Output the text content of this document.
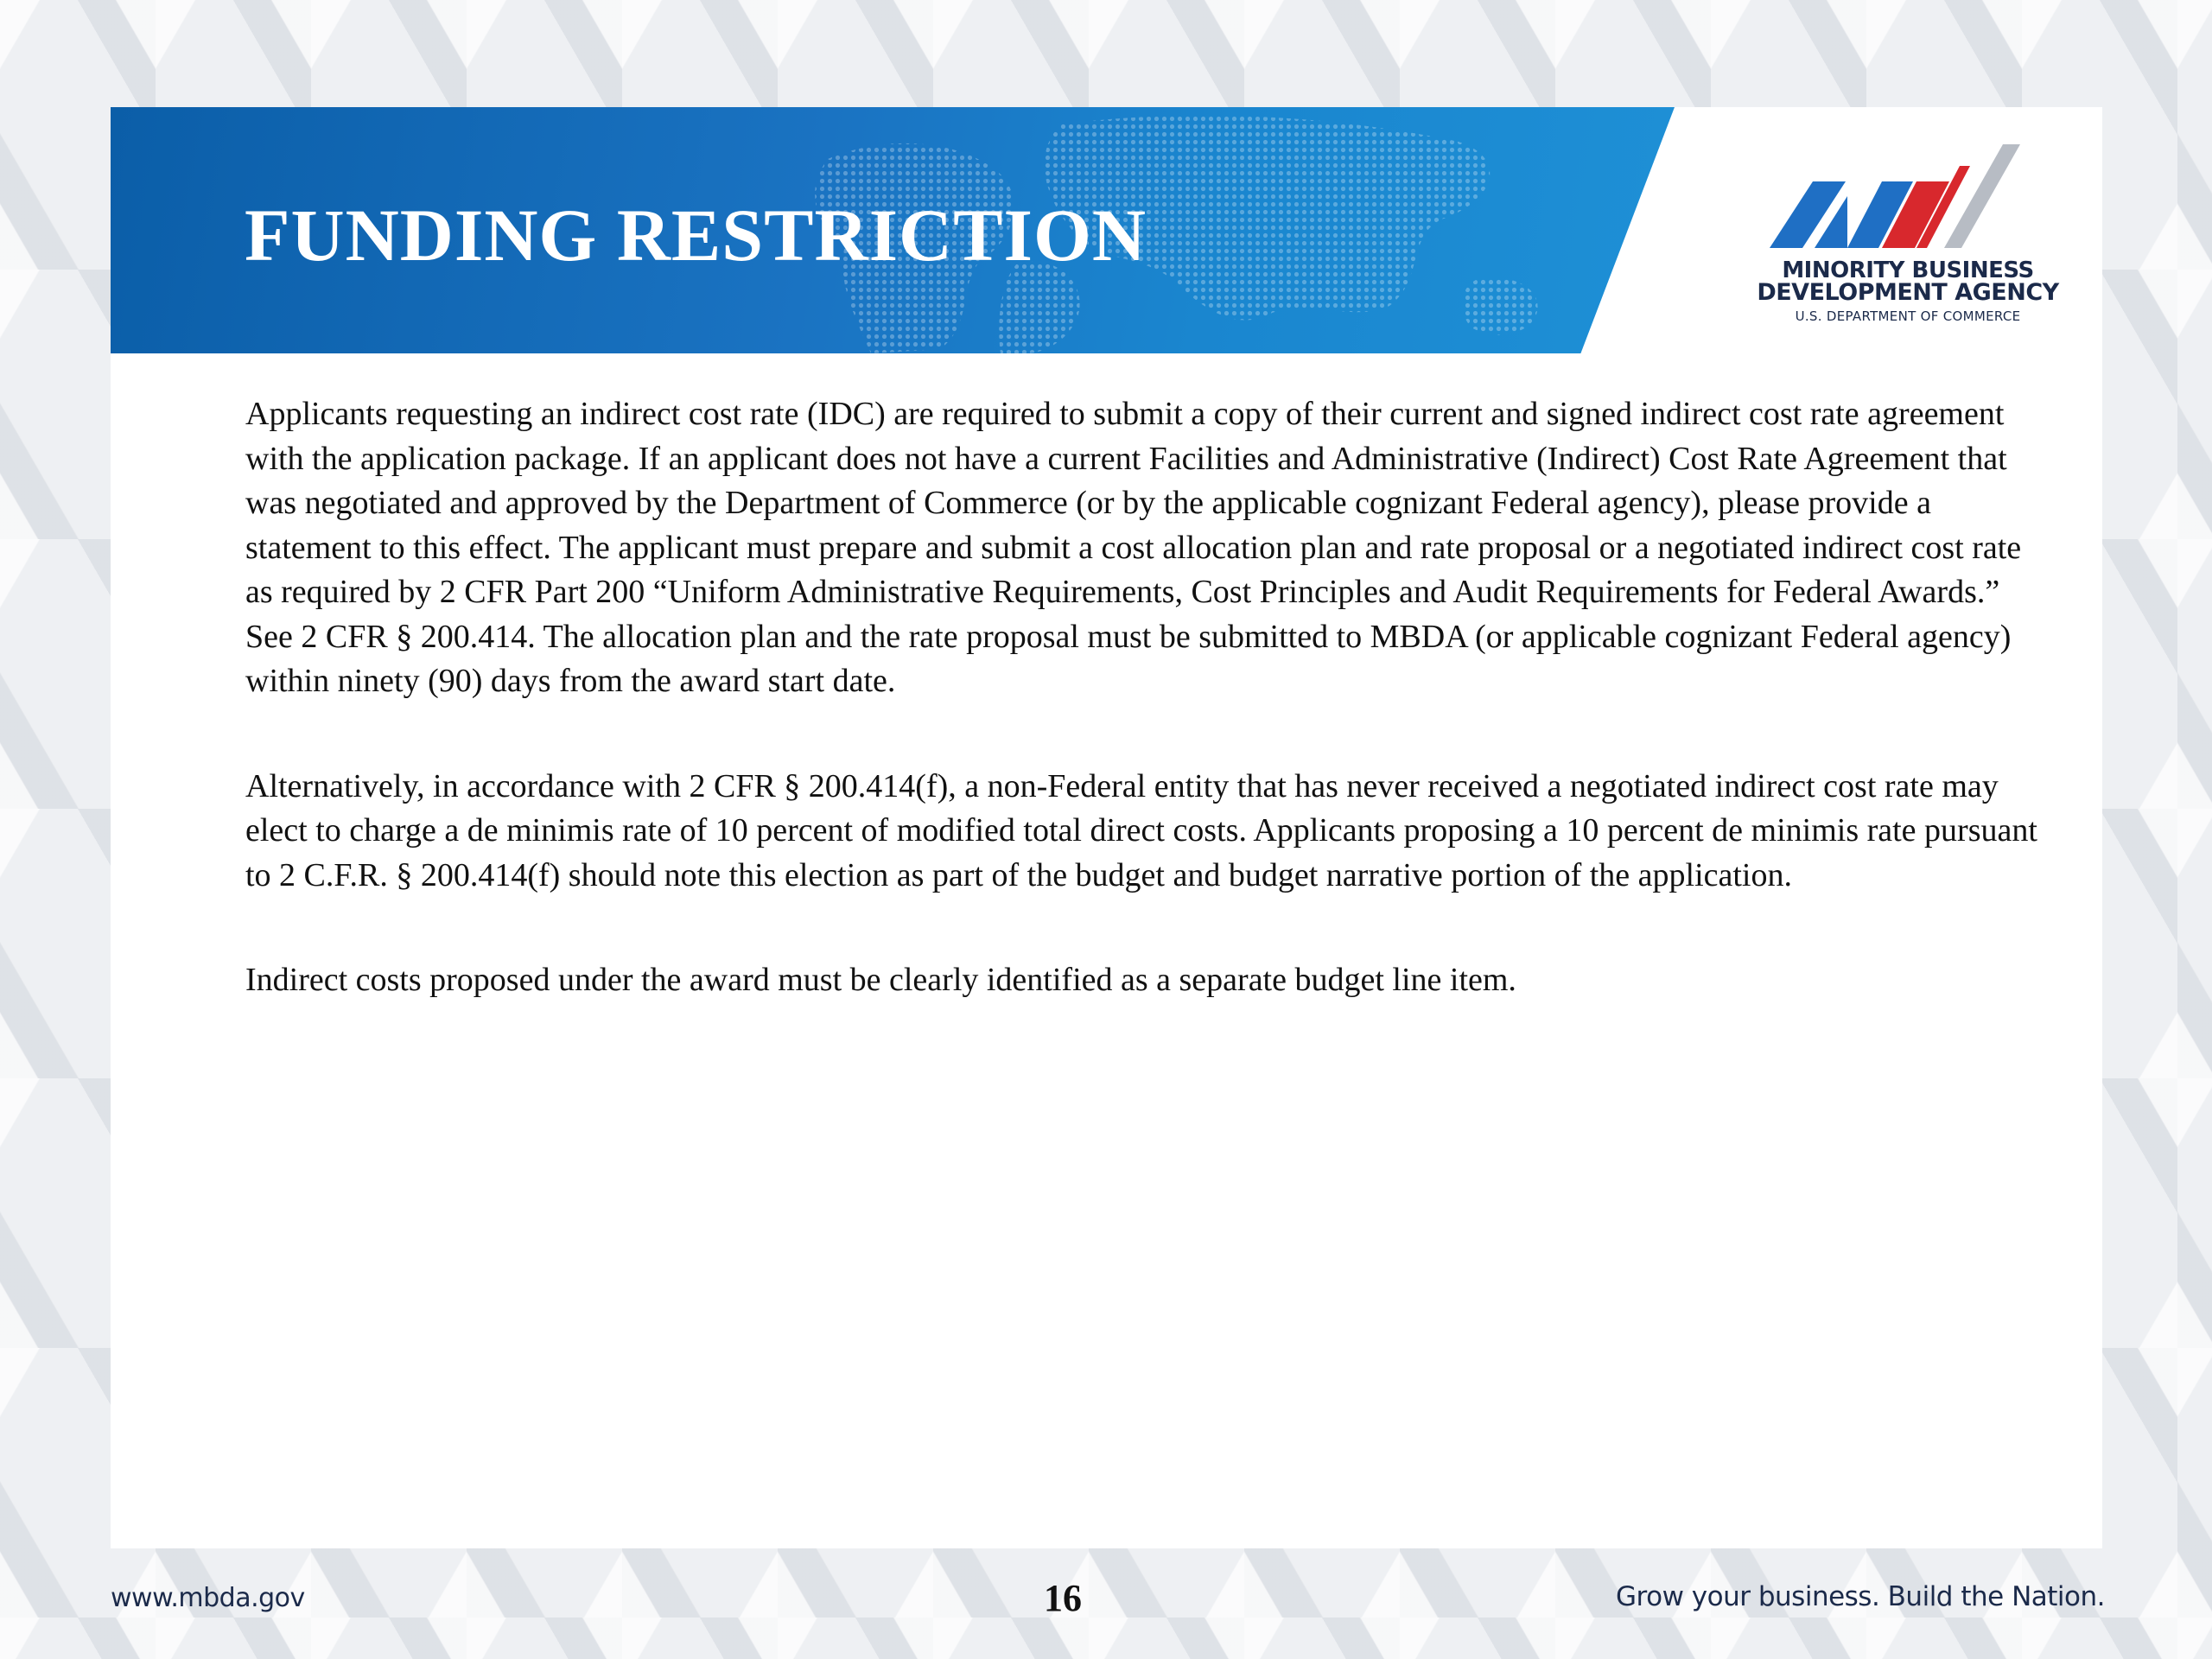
FUNDING RESTRICTION	MINORITY BUSINESS
DEVELOPMENT AGENCY
U.S. DEPARTMENT OF COMMERCE

Applicants requesting an indirect cost rate (IDC) are required to submit a copy of their current and signed indirect cost rate agreement with the application package. If an applicant does not have a current Facilities and Administrative (Indirect) Cost Rate Agreement that was negotiated and approved by the Department of Commerce (or by the applicable cognizant Federal agency), please provide a statement to this effect. The applicant must prepare and submit a cost allocation plan and rate proposal or a negotiated indirect cost rate as required by 2 CFR Part 200 “Uniform Administrative Requirements, Cost Principles and Audit Requirements for Federal Awards.” See 2 CFR § 200.414. The allocation plan and the rate proposal must be submitted to MBDA (or applicable cognizant Federal agency) within ninety (90) days from the award start date.

Alternatively, in accordance with 2 CFR § 200.414(f), a non-Federal entity that has never received a negotiated indirect cost rate may elect to charge a de minimis rate of 10 percent of modified total direct costs. Applicants proposing a 10 percent de minimis rate pursuant to 2 C.F.R. § 200.414(f) should note this election as part of the budget and budget narrative portion of the application.

Indirect costs proposed under the award must be clearly identified as a separate budget line item.

www.mbda.gov	16	Grow your business. Build the Nation.
